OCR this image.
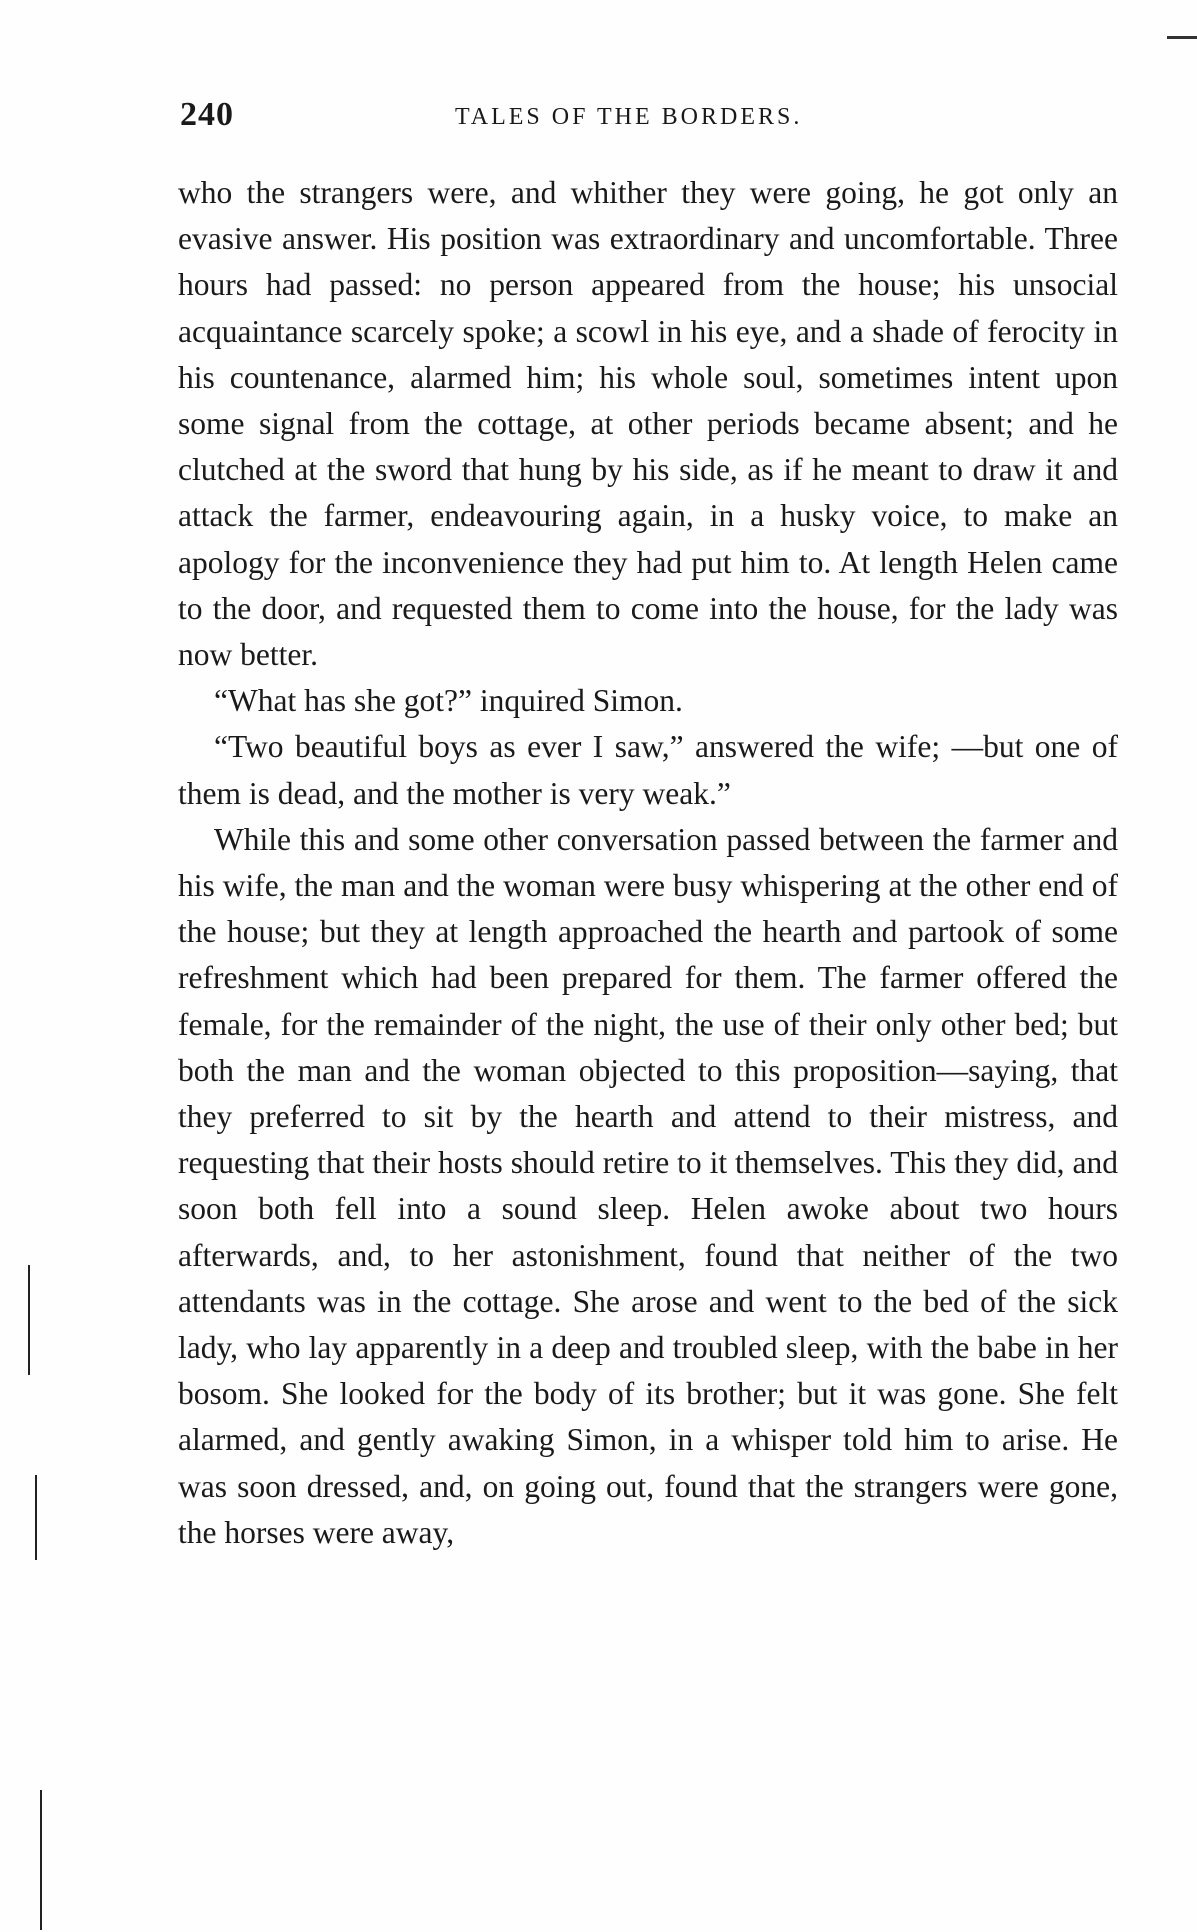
240	TALES OF THE BORDERS.

who the strangers were, and whither they were going, he got only an evasive answer. His position was extraordinary and uncomfortable. Three hours had passed: no person appeared from the house; his unsocial acquaintance scarcely spoke; a scowl in his eye, and a shade of ferocity in his countenance, alarmed him; his whole soul, sometimes intent upon some signal from the cottage, at other periods became absent; and he clutched at the sword that hung by his side, as if he meant to draw it and attack the farmer, endeavouring again, in a husky voice, to make an apology for the inconvenience they had put him to. At length Helen came to the door, and requested them to come into the house, for the lady was now better.

“What has she got?” inquired Simon.

“Two beautiful boys as ever I saw,” answered the wife; —but one of them is dead, and the mother is very weak.”

While this and some other conversation passed between the farmer and his wife, the man and the woman were busy whispering at the other end of the house; but they at length approached the hearth and partook of some refreshment which had been prepared for them. The farmer offered the female, for the remainder of the night, the use of their only other bed; but both the man and the woman objected to this proposition—saying, that they preferred to sit by the hearth and attend to their mistress, and requesting that their hosts should retire to it themselves. This they did, and soon both fell into a sound sleep. Helen awoke about two hours afterwards, and, to her astonishment, found that neither of the two attendants was in the cottage. She arose and went to the bed of the sick lady, who lay apparently in a deep and troubled sleep, with the babe in her bosom. She looked for the body of its brother; but it was gone. She felt alarmed, and gently awaking Simon, in a whisper told him to arise. He was soon dressed, and, on going out, found that the strangers were gone, the horses were away,
